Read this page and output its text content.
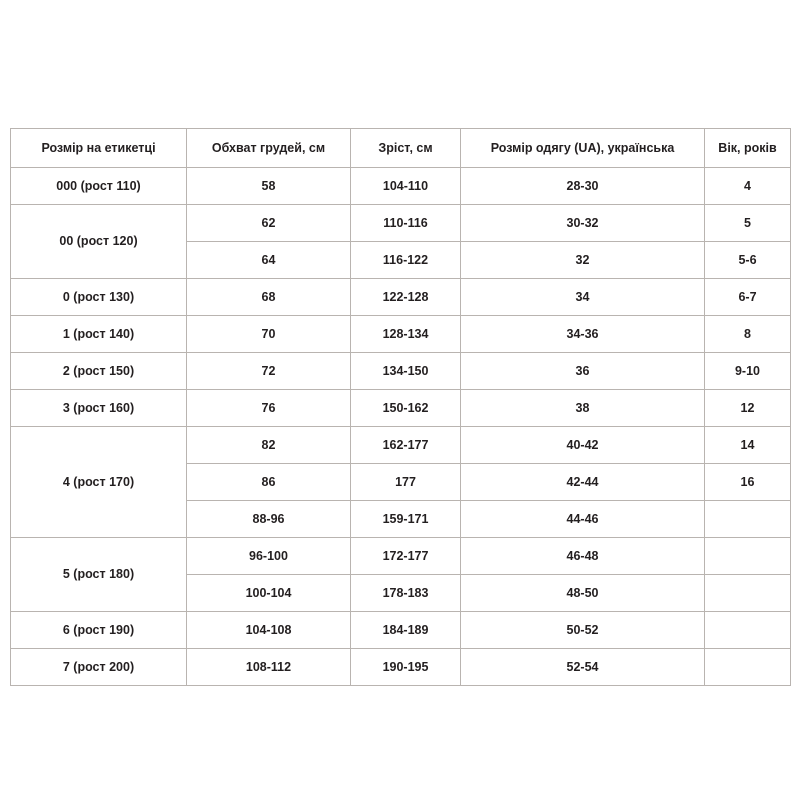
Розмір на етикетці	Обхват грудей, см	Зріст, см	Розмір одягу (UA), українська	Вік, років
000 (рост 110)	58	104-110	28-30	4
00 (рост 120)	62	110-116	30-32	5
	64	116-122	32	5-6
0 (рост 130)	68	122-128	34	6-7
1 (рост 140)	70	128-134	34-36	8
2 (рост 150)	72	134-150	36	9-10
3 (рост 160)	76	150-162	38	12
4 (рост 170)	82	162-177	40-42	14
	86	177	42-44	16
	88-96	159-171	44-46	
5 (рост 180)	96-100	172-177	46-48	
	100-104	178-183	48-50	
6 (рост 190)	104-108	184-189	50-52	
7 (рост 200)	108-112	190-195	52-54	
